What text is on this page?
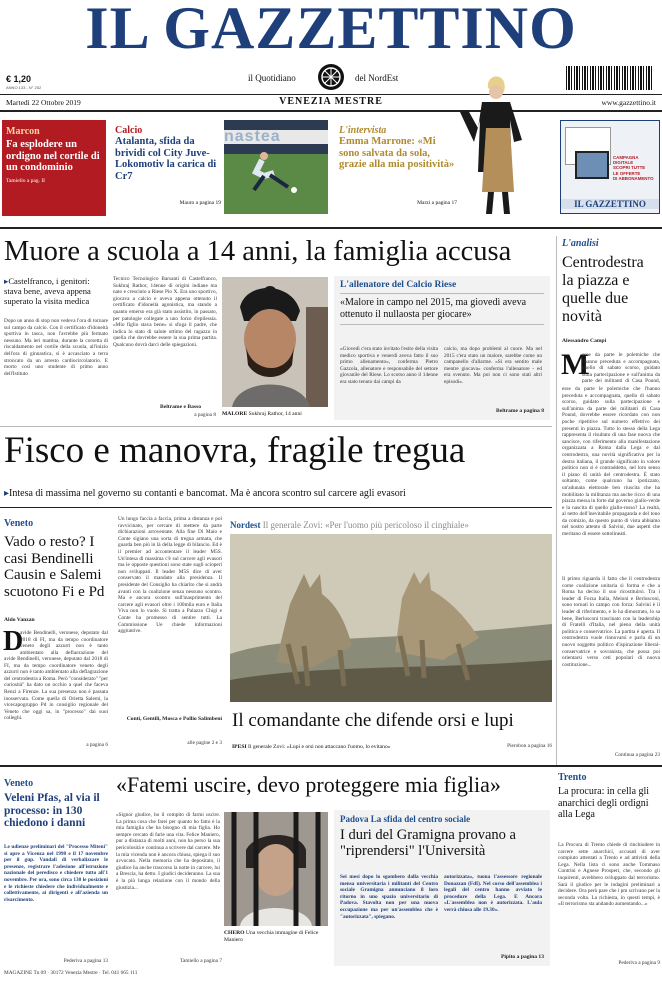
IL GAZZETTINO
€ 1,20
ANNO 133 - N° 252
il Quotidiano	del NordEst
Martedì 22 Ottobre 2019	VENEZIA MESTRE	www.gazzettino.it
Marcon
Fa esplodere un ordigno nel cortile di un condominio
Tamiello a pag. II
Calcio
Atalanta, sfida da brividi col City Juve-Lokomotiv la carica di Cr7
Mauro a pagina 19
nastea	L'intervista
Emma Marrone: «Mi sono salvata da sola, grazie alla mia positività»
Marzi a pagina 17
CAMPAGNA
DIGITALE
SCOPRI TUTTE
LE OFFERTE
DI ABBONAMENTO
IL GAZZETTINO
Muore a scuola a 14 anni, la famiglia accusa
▸Castelfranco, i genitori: stava bene, aveva appena superato la visita medica
Dopo un anno di stop non vedeva l'ora di tornare sul campo da calcio. Con il certificato d'idoneità sportiva in tasca, non l'avrebbe più fermato nessuno. Ma ieri mattina, durante la corsetta di riscaldamento nel cortile della scuola, all'inizio dell'ora di ginnastica, si è accasciato a terra stroncato da un arresto cardiocircolatorio. E morto così uno studente di primo anno dell'Istituto
Tecnico Tecnologico Barsanti di Castelfranco, Sukhraj Rathor, 14enne di origini indiane ma nato e cresciuto a Riese Pio X. Era uno sportivo, giocava a calcio e aveva appena ottenuto il certificato d'idoneità agonistica, ma stando a quanto emerso era già stato assistito, in passato, per patologie collegate a uno forzo d'epilessia. «Mio figlio stava bene» si sfoga il padre, che indica lo stato di salute ottimo del ragazzo in quella che dovrebbe essere la sua prima partita. Qualcuno dovrà darci delle spiegazioni.
Beltrame e Basso
a pagina 8 MALORE Sukhraj Rathor, 14 anni
L'allenatore del Calcio Riese
«Malore in campo nel 2015, ma giovedì aveva ottenuto il nullaosta per giocare»
«Giovedì c'era stato invitato l'esito della visita medico sportiva e venerdì aveva fatto il suo primo allenamento», conferma Pietro Gazzola, allenatore e responsabile del settore giovanile del Riese. Lo scorso anno il 14enne era stato tenuto dai campi da
calcio, ma dopo problemi al cuore. Ma nel 2015 c'era stato un malore, sarebbe come un campanello d'allarme. «Si era sentito male mentre giocava» conferma l'allenatore - ed era svenuto. Ma poi non ci sono stati altri episodi».
Beltrame a pagina 8
L'analisi
Centrodestra la piazza e quelle due novità
Alessandro Campi
M
esse da parte le polemiche che l'hanno preceduta e accompagnata, quello di sabato scorso, guidato sulla partecipazione e sull'anima da parte dei militanti di Casa Pound,
esse da parte le polemiche che l'hanno preceduta e accompagnata, quello di sabato scorso, guidato sulla partecipazione e sull'anima da parte dei militanti di Casa Pound, dovrebbe essere ricordato con non poche ripetitive sul numero effettivo dei presenti in piazza. Tutto lo stesso della Lega rappresenta il risultato di una fase nuova che sancisce, con riferimento alla manifestazione organizzata a Roma dalla Lega e dal centrodestra, una novità significativa per la destra italiana, il grande significato in valore politico non si è contraddetto, nel loro senso il piano di unità del centrodestra. È stato soltanto, come qualcuno ha ipotizzato, un'adunata elettorale ben riuscita che ha mobilitato la militanza ma anche ricco di una piazza messa in forte dal governo giallo-verde e la nascita di quello giallo-rosso? La realtà, al netto dell'inevitabile propaganda e del tono da comizio, da questo punto di vista abbiamo nel nostro attento di Salvini, due aspetti che meritano di essere sottolineati.
Il primo riguarda il fatto che il centrodestra come coalizione unitaria si forma e che a Roma ha deciso il suo ricostituirsi. Tra i leader di Forza Italia, Meloni e Berlusconi, sono tornati in campo con forza: Salvini è il leader di riferimento, e lo ha dimostrato, lo sa bene, Berlusconi trascinato con la leadership di Fratelli d'Italia, nel pieno della unità politica e conservatrice. La partita è aperta. Il centrodestra vuole rinnovarsi e parla di un nuovo soggetto politico d'ispirazione liberal-conservatrice e sovranista, che possa poi orientarsi verso ceti popolari di nuova costituzione...
Continua a pagina 23
Fisco e manovra, fragile tregua
▸Intesa di massima nel governo su contanti e bancomat. Ma è ancora scontro sul carcere agli evasori
Veneto
Vado o resto? I casi Bendinelli Causin e Salemi scuotono Fi e Pd
Aldo Vanzan
D
avide Bendinelli, veronese, deputato dal 2018 di FI, ma da tempo coordinatore veneto degli azzurri non è tanto ambientato alla deflagrazione del
avide Bendinelli, veronese, deputato dal 2018 di FI, ma da tempo coordinatore veneto degli azzurri non è tanto ambientato alla deflagrazione del centrodestra a Roma. Però "considerato" "per curiosità" ha dato un occhio a quel che faceva Renzi a Firenze. La sua presenza non è passata inosservata. Come quella di Orietta Salemi, la vicecapogruppo Pd in consiglio regionale del Veneto che oggi sa, in "processo" dai suoi colleghi.
a pagina 6
Un lungo faccia a faccia, prima a distanza e poi ravvicinato, per cercare di mettere da parte dichiarazioni arroventate. Alla fine Di Maio e Conte sigiano una sorta di tregua armata, che guarda ben più in là della legge di bilancio. Ed è il premier ad accontentare il leader M5S. Un'intesa di massima c'è sul carcere agli evasori ma le opposte questioni sono state sugli scioperi non sviluppati. Il leader M5S dice di aver conservato il mandato alla presidenza. Il presidente del Consiglio ha chiarito che si andrà avanti con la coalizione senza nessuno scontro. Ma e ancora scontro sull'inasprimento del carcere agli evasori oltre i 100mila euro e Italia Viva non lo vuole. Si tratta a Palazzo Chigi e Conte ha promesso di sentire tutti. La Commissione Ue chiede informazioni aggiuntive.
Conti, Gentili, Mosca e Pollio Salimbeni
alle pagine 2 e 3
Nordest Il generale Zovi: «Per l'uomo più pericoloso il cinghiale»
Il comandante che difende orsi e lupi
IPESI Il generale Zovi: «Lupi e orsi non attaccano l'uomo, lo evitano»	Pierobon a pagina 16
«Fatemi uscire, devo proteggere mia figlia»
Veneto
Veleni Pfas, al via il processo: in 130 chiedono i danni
Le udienze preliminari del "Processo Miteni" si apre a Vicenza nel 1998 e il 17 novembre per il gup. Vandali di verbalizzare le presenze, registrare l'adesione all'istruzione nazionale del peredisco e chiedere tutto all'1 novembre. Per ora, sono circa 130 le posizioni e le richieste chiedere che individualmente e collettivamente, ai dirigenti e all'azienda un risarcimento.
Pederiva a pagina 13
«Signor giudice, ho il compito di farmi uscire. La prima cosa che farei per quanto ho fatto è la mia famiglia che ha bisogno di mia figlia. Ho sempre cercato di farle una vita. Felice Maniero, pur a distanza di molti anni, non ha perso la sua pericolosità e continua a scrivere dal carcere. Me la mia vicenda non è ancora chiusa, spiega il suo avvocato. Nella memoria che ha depositato, il giudice ha anche trascorso la notte in carcere, lui a Brescia, ha detto. I giudici decideranno. La sua è la più lunga relazione con il mondo della giustizia...
CHERO Una vecchia immagine di Felice Maniero
Tamiello a pagina 7
Padova La sfida del centro sociale
I duri del Gramigna provano a "riprendersi" l'Università
Sei mesi dopo lo sgombero dalla vecchia mensa universitaria i militanti del Centro sociale Gramigna annunciano il loro ritorno in uno spazio universitario di Padova. Stavolta non per una nuova occupazione ma per un'assemblea che è "autorizzata", spiegano.
autorizzata», tuona l'assessore regionale Donazzan (FdI). Nel corso dell'assemblea i legali del centro hanno avviato le procedure della Lega. E Ancora «L'assemblea non è autorizzata. L'aula verrà chiusa alle 19.30».
Pipito a pagina 13
Trento
La procura: in cella gli anarchici degli ordigni alla Lega
La Procura di Trento chiede di rinchiudere in carcere sette anarchici, accusati di aver compiuto attentati a Trento e ad attivisti della Lega. Nella lista ci sono anche Tommaso Contrini e Agnese Prosperi, che, secondo gli inquirenti, avrebbero sviluppato dal terrorismo. Sarà il giudice per le indagini preliminari a decidere. Ora però pare che i pm scrivano per la seconda volta. La richiesta, in questi tempi, è «Il terrorismo sta andando aumentando...»
Pederiva a pagina 9
MAGAZINE Tn 09 · 30172 Venezia Mestre · Tel. 041 665 111
